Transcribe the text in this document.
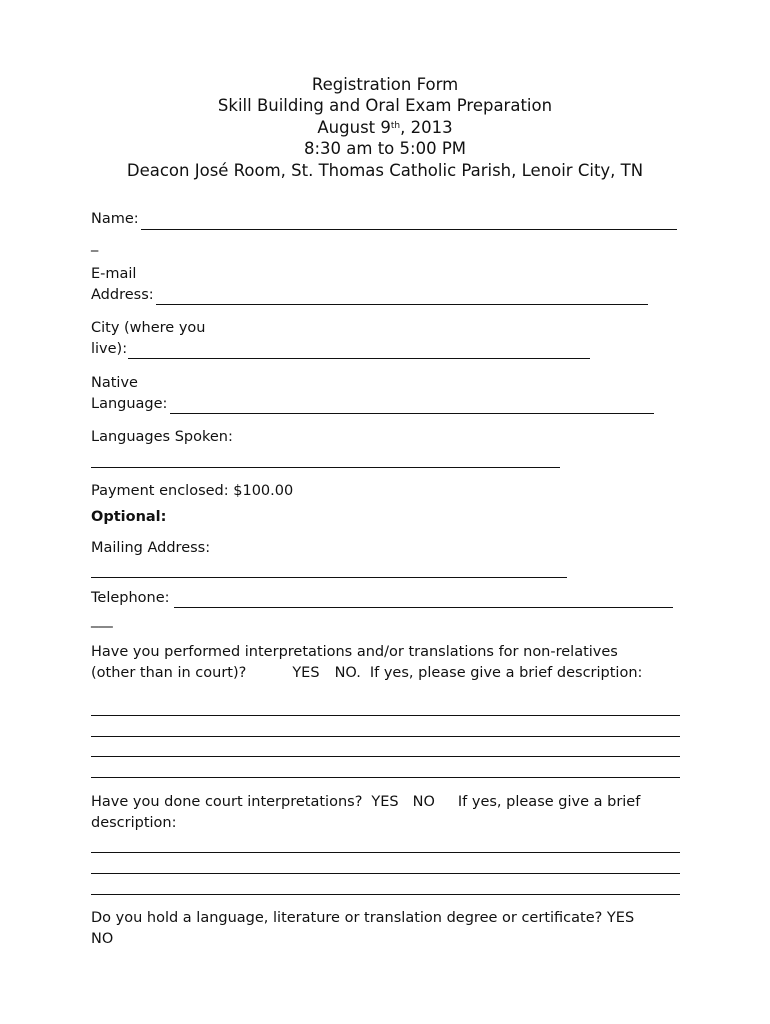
Registration Form
Skill Building and Oral Exam Preparation
August 9th, 2013
8:30 am to 5:00 PM
Deacon José Room, St. Thomas Catholic Parish, Lenoir City, TN
Name:
_
E-mail
Address:
City (where you
live):
Native
Language:
Languages Spoken:
Payment enclosed: $100.00
Optional:
Mailing Address:
Telephone:
___
Have you performed interpretations and/or translations for non-relatives
(other than in court)?	YES NO. If yes, please give a brief description:
Have you done court interpretations? YES NO If yes, please give a brief
description:
Do you hold a language, literature or translation degree or certificate? YES
NO
